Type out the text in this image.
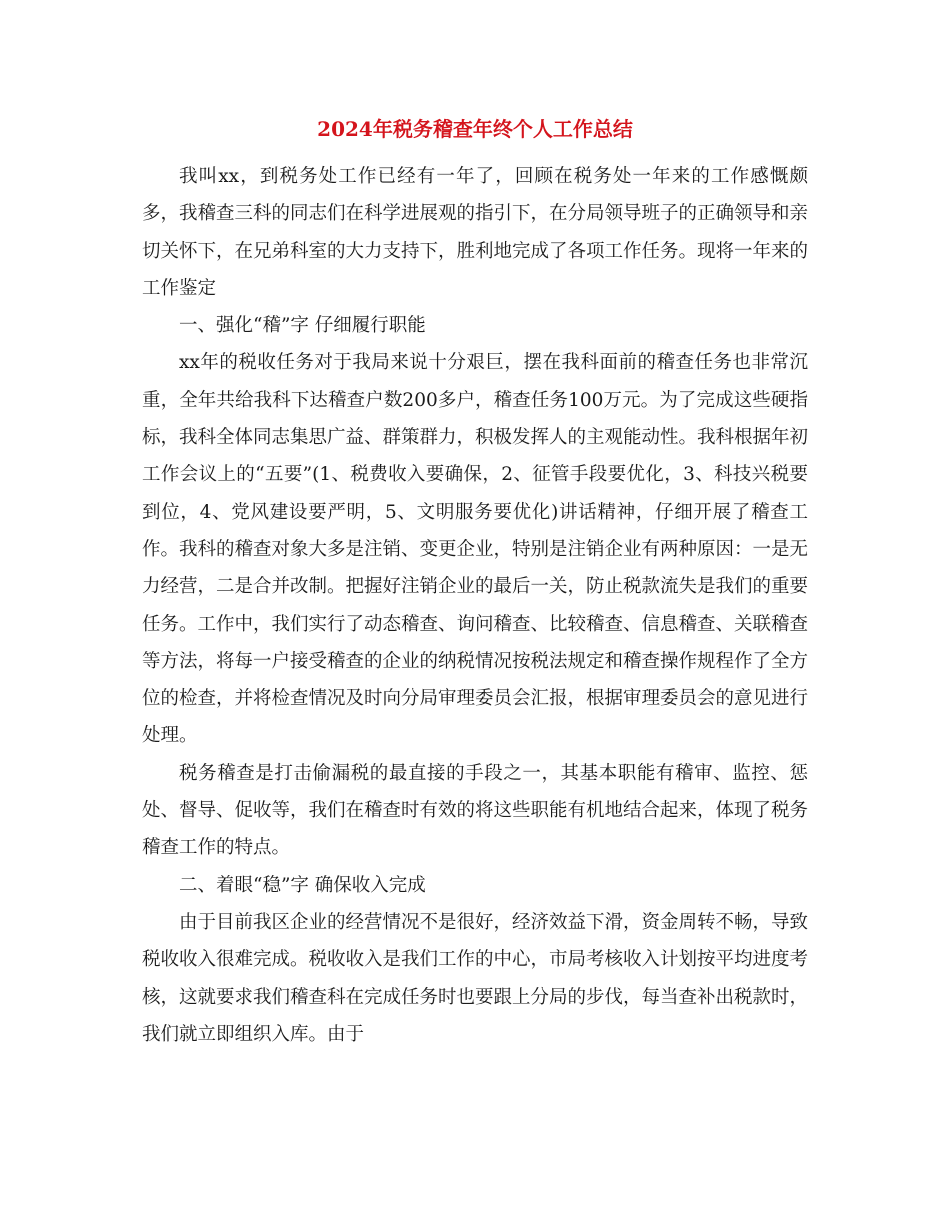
2024年税务稽查年终个人工作总结

我叫xx，到税务处工作已经有一年了，回顾在税务处一年来的工作感慨颇多，我稽查三科的同志们在科学进展观的指引下，在分局领导班子的正确领导和亲切关怀下，在兄弟科室的大力支持下，胜利地完成了各项工作任务。现将一年来的工作鉴定

一、强化“稽”字 仔细履行职能

xx年的税收任务对于我局来说十分艰巨，摆在我科面前的稽查任务也非常沉重，全年共给我科下达稽查户数200多户，稽查任务100万元。为了完成这些硬指标，我科全体同志集思广益、群策群力，积极发挥人的主观能动性。我科根据年初工作会议上的“五要”(1、税费收入要确保，2、征管手段要优化，3、科技兴税要到位，4、党风建设要严明，5、文明服务要优化)讲话精神，仔细开展了稽查工作。我科的稽查对象大多是注销、变更企业，特别是注销企业有两种原因：一是无力经营，二是合并改制。把握好注销企业的最后一关，防止税款流失是我们的重要任务。工作中，我们实行了动态稽查、询问稽查、比较稽查、信息稽查、关联稽查等方法，将每一户接受稽查的企业的纳税情况按税法规定和稽查操作规程作了全方位的检查，并将检查情况及时向分局审理委员会汇报，根据审理委员会的意见进行处理。

税务稽查是打击偷漏税的最直接的手段之一，其基本职能有稽审、监控、惩处、督导、促收等，我们在稽查时有效的将这些职能有机地结合起来，体现了税务稽查工作的特点。

二、着眼“稳”字 确保收入完成

由于目前我区企业的经营情况不是很好，经济效益下滑，资金周转不畅，导致税收收入很难完成。税收收入是我们工作的中心，市局考核收入计划按平均进度考核，这就要求我们稽查科在完成任务时也要跟上分局的步伐，每当查补出税款时，我们就立即组织入库。由于
